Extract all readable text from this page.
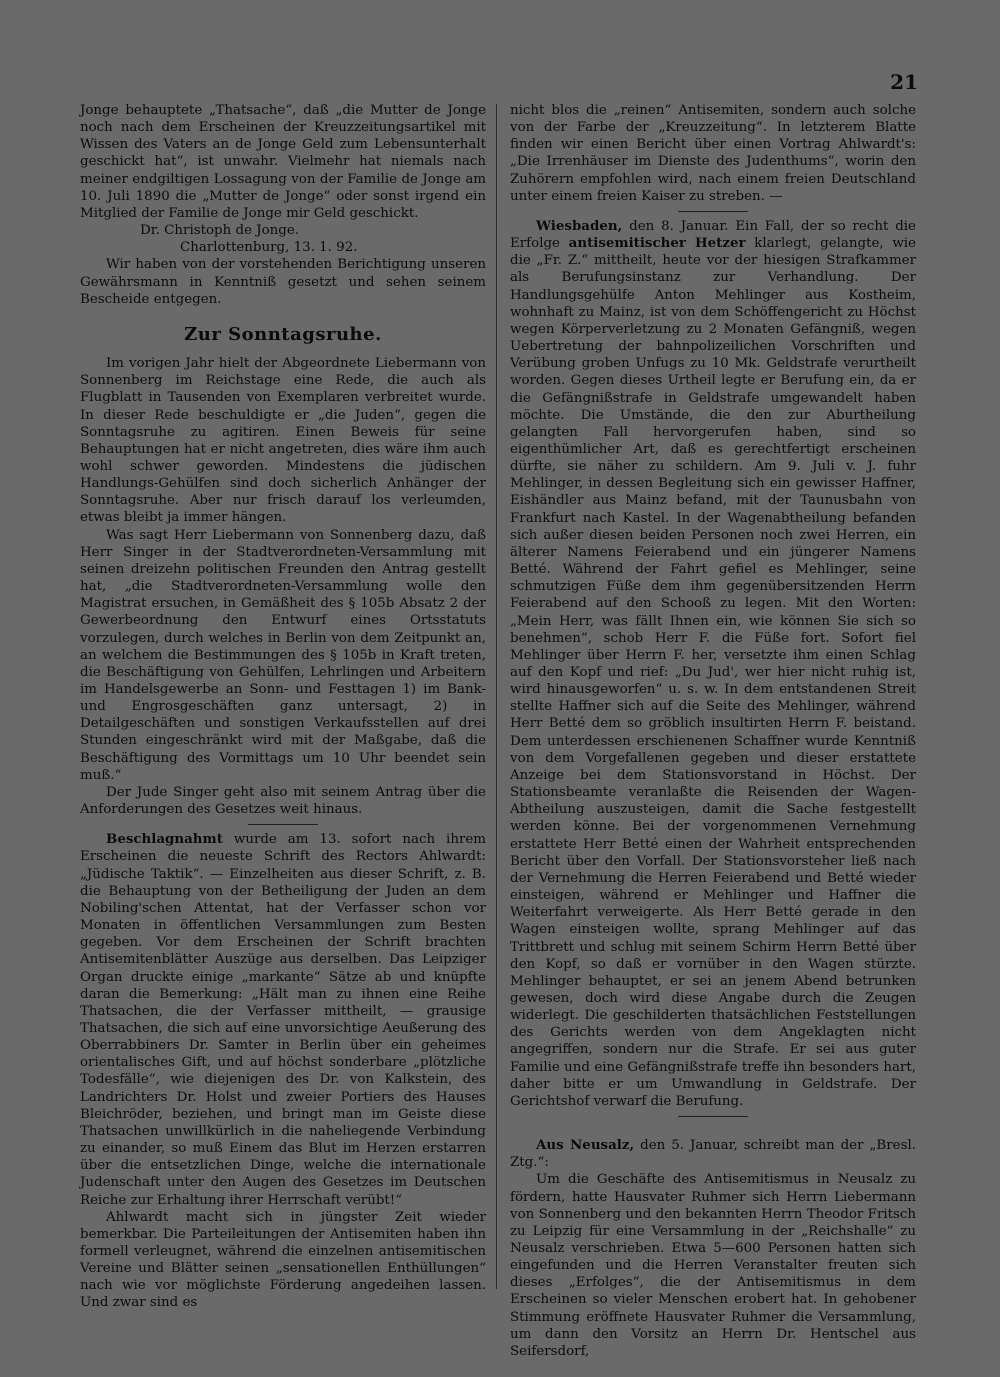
21

Jonge behauptete „Thatsache“, daß „die Mutter de Jonge noch nach dem Erscheinen der Kreuzzeitungsartikel mit Wissen des Vaters an de Jonge Geld zum Lebensunterhalt geschickt hat“, ist unwahr. Vielmehr hat niemals nach meiner endgiltigen Lossagung von der Familie de Jonge am 10. Juli 1890 die „Mutter de Jonge“ oder sonst irgend ein Mitglied der Familie de Jonge mir Geld geschickt.

Dr. Christoph de Jonge.

Charlottenburg, 13. 1. 92.

Wir haben von der vorstehenden Berichtigung unseren Gewährsmann in Kenntniß gesetzt und sehen seinem Bescheide entgegen.

Zur Sonntagsruhe.

Im vorigen Jahr hielt der Abgeordnete Liebermann von Sonnenberg im Reichstage eine Rede, die auch als Flugblatt in Tausenden von Exemplaren verbreitet wurde. In dieser Rede beschuldigte er „die Juden“, gegen die Sonntagsruhe zu agitiren. Einen Beweis für seine Behauptungen hat er nicht angetreten, dies wäre ihm auch wohl schwer geworden. Mindestens die jüdischen Handlungs-Gehülfen sind doch sicherlich Anhänger der Sonntagsruhe. Aber nur frisch darauf los verleumden, etwas bleibt ja immer hängen.

Was sagt Herr Liebermann von Sonnenberg dazu, daß Herr Singer in der Stadtverordneten-Versammlung mit seinen dreizehn politischen Freunden den Antrag gestellt hat, „die Stadtverordneten-Versammlung wolle den Magistrat ersuchen, in Gemäßheit des § 105b Absatz 2 der Gewerbeordnung den Entwurf eines Ortsstatuts vorzulegen, durch welches in Berlin von dem Zeitpunkt an, an welchem die Bestimmungen des § 105b in Kraft treten, die Beschäftigung von Gehülfen, Lehrlingen und Arbeitern im Handelsgewerbe an Sonn- und Festtagen 1) im Bank- und Engrosgeschäften ganz untersagt, 2) in Detailgeschäften und sonstigen Verkaufsstellen auf drei Stunden eingeschränkt wird mit der Maßgabe, daß die Beschäftigung des Vormittags um 10 Uhr beendet sein muß.“

Der Jude Singer geht also mit seinem Antrag über die Anforderungen des Gesetzes weit hinaus.

Beschlagnahmt wurde am 13. sofort nach ihrem Erscheinen die neueste Schrift des Rectors Ahlwardt: „Jüdische Taktik“. — Einzelheiten aus dieser Schrift, z. B. die Behauptung von der Betheiligung der Juden an dem Nobiling'schen Attentat, hat der Verfasser schon vor Monaten in öffentlichen Versammlungen zum Besten gegeben. Vor dem Erscheinen der Schrift brachten Antisemitenblätter Auszüge aus derselben. Das Leipziger Organ druckte einige „markante“ Sätze ab und knüpfte daran die Bemerkung: „Hält man zu ihnen eine Reihe Thatsachen, die der Verfasser mittheilt, — grausige Thatsachen, die sich auf eine unvorsichtige Aeußerung des Oberrabbiners Dr. Samter in Berlin über ein geheimes orientalisches Gift, und auf höchst sonderbare „plötzliche Todesfälle“, wie diejenigen des Dr. von Kalkstein, des Landrichters Dr. Holst und zweier Portiers des Hauses Bleichröder, beziehen, und bringt man im Geiste diese Thatsachen unwillkürlich in die naheliegende Verbindung zu einander, so muß Einem das Blut im Herzen erstarren über die entsetzlichen Dinge, welche die internationale Judenschaft unter den Augen des Gesetzes im Deutschen Reiche zur Erhaltung ihrer Herrschaft verübt!“

Ahlwardt macht sich in jüngster Zeit wieder bemerkbar. Die Parteileitungen der Antisemiten haben ihn formell verleugnet, während die einzelnen antisemitischen Vereine und Blätter seinen „sensationellen Enthüllungen“ nach wie vor möglichste Förderung angedeihen lassen. Und zwar sind es

nicht blos die „reinen“ Antisemiten, sondern auch solche von der Farbe der „Kreuzzeitung“. In letzterem Blatte finden wir einen Bericht über einen Vortrag Ahlwardt's: „Die Irrenhäuser im Dienste des Judenthums“, worin den Zuhörern empfohlen wird, nach einem freien Deutschland unter einem freien Kaiser zu streben. —

Wiesbaden, den 8. Januar. Ein Fall, der so recht die Erfolge antisemitischer Hetzer klarlegt, gelangte, wie die „Fr. Z.“ mittheilt, heute vor der hiesigen Strafkammer als Berufungsinstanz zur Verhandlung. Der Handlungsgehülfe Anton Mehlinger aus Kostheim, wohnhaft zu Mainz, ist von dem Schöffengericht zu Höchst wegen Körperverletzung zu 2 Monaten Gefängniß, wegen Uebertretung der bahnpolizeilichen Vorschriften und Verübung groben Unfugs zu 10 Mk. Geldstrafe verurtheilt worden. Gegen dieses Urtheil legte er Berufung ein, da er die Gefängnißstrafe in Geldstrafe umgewandelt haben möchte. Die Umstände, die den zur Aburtheilung gelangten Fall hervorgerufen haben, sind so eigenthümlicher Art, daß es gerechtfertigt erscheinen dürfte, sie näher zu schildern. Am 9. Juli v. J. fuhr Mehlinger, in dessen Begleitung sich ein gewisser Haffner, Eishändler aus Mainz befand, mit der Taunusbahn von Frankfurt nach Kastel. In der Wagenabtheilung befanden sich außer diesen beiden Personen noch zwei Herren, ein älterer Namens Feierabend und ein jüngerer Namens Betté. Während der Fahrt gefiel es Mehlinger, seine schmutzigen Füße dem ihm gegenübersitzenden Herrn Feierabend auf den Schooß zu legen. Mit den Worten: „Mein Herr, was fällt Ihnen ein, wie können Sie sich so benehmen“, schob Herr F. die Füße fort. Sofort fiel Mehlinger über Herrn F. her, versetzte ihm einen Schlag auf den Kopf und rief: „Du Jud', wer hier nicht ruhig ist, wird hinausgeworfen“ u. s. w. In dem entstandenen Streit stellte Haffner sich auf die Seite des Mehlinger, während Herr Betté dem so gröblich insultirten Herrn F. beistand. Dem unterdessen erschienenen Schaffner wurde Kenntniß von dem Vorgefallenen gegeben und dieser erstattete Anzeige bei dem Stationsvorstand in Höchst. Der Stationsbeamte veranlaßte die Reisenden der Wagen-Abtheilung auszusteigen, damit die Sache festgestellt werden könne. Bei der vorgenommenen Vernehmung erstattete Herr Betté einen der Wahrheit entsprechenden Bericht über den Vorfall. Der Stationsvorsteher ließ nach der Vernehmung die Herren Feierabend und Betté wieder einsteigen, während er Mehlinger und Haffner die Weiterfahrt verweigerte. Als Herr Betté gerade in den Wagen einsteigen wollte, sprang Mehlinger auf das Trittbrett und schlug mit seinem Schirm Herrn Betté über den Kopf, so daß er vornüber in den Wagen stürzte. Mehlinger behauptet, er sei an jenem Abend betrunken gewesen, doch wird diese Angabe durch die Zeugen widerlegt. Die geschilderten thatsächlichen Feststellungen des Gerichts werden von dem Angeklagten nicht angegriffen, sondern nur die Strafe. Er sei aus guter Familie und eine Gefängnißstrafe treffe ihn besonders hart, daher bitte er um Umwandlung in Geldstrafe. Der Gerichtshof verwarf die Berufung.

Aus Neusalz, den 5. Januar, schreibt man der „Bresl. Ztg.“:

Um die Geschäfte des Antisemitismus in Neusalz zu fördern, hatte Hausvater Ruhmer sich Herrn Liebermann von Sonnenberg und den bekannten Herrn Theodor Fritsch zu Leipzig für eine Versammlung in der „Reichshalle“ zu Neusalz verschrieben. Etwa 5—600 Personen hatten sich eingefunden und die Herren Veranstalter freuten sich dieses „Erfolges“, die der Antisemitismus in dem Erscheinen so vieler Menschen erobert hat. In gehobener Stimmung eröffnete Hausvater Ruhmer die Versammlung, um dann den Vorsitz an Herrn Dr. Hentschel aus Seifersdorf,
